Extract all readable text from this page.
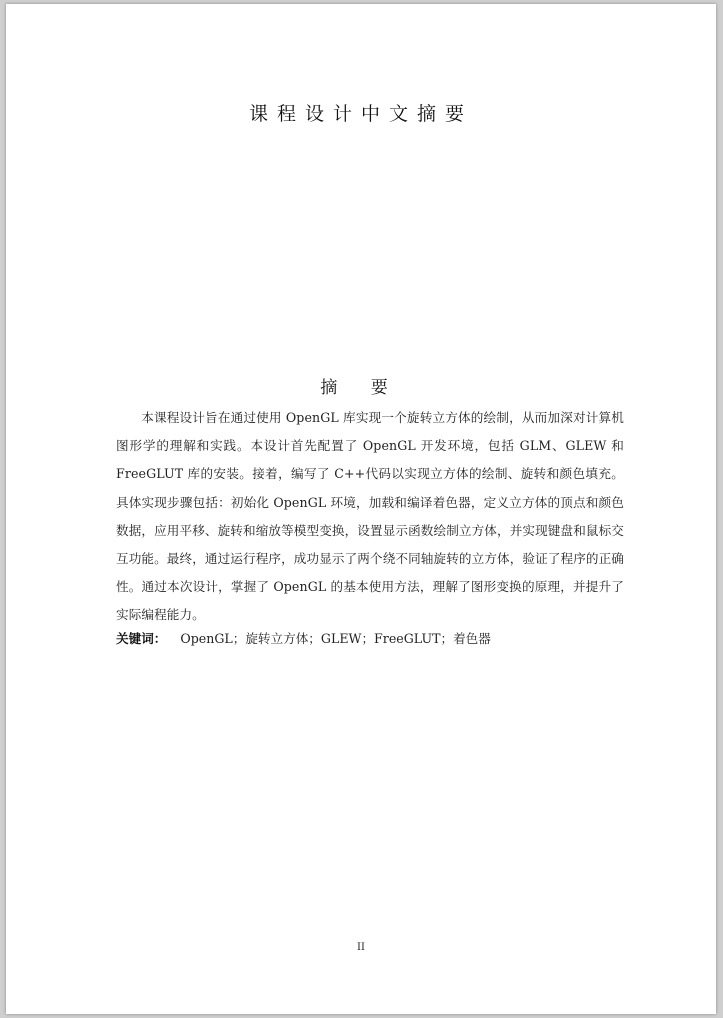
课程设计中文摘要
摘 要

本课程设计旨在通过使用 OpenGL 库实现一个旋转立方体的绘制，从而加深对计算机图形学的理解和实践。本设计首先配置了 OpenGL 开发环境，包括 GLM、GLEW 和 FreeGLUT 库的安装。接着，编写了 C++代码以实现立方体的绘制、旋转和颜色填充。具体实现步骤包括：初始化 OpenGL 环境，加载和编译着色器，定义立方体的顶点和颜色数据，应用平移、旋转和缩放等模型变换，设置显示函数绘制立方体，并实现键盘和鼠标交互功能。最终，通过运行程序，成功显示了两个绕不同轴旋转的立方体，验证了程序的正确性。通过本次设计，掌握了 OpenGL 的基本使用方法，理解了图形变换的原理，并提升了实际编程能力。

关键词： OpenGL；旋转立方体；GLEW；FreeGLUT；着色器
II
